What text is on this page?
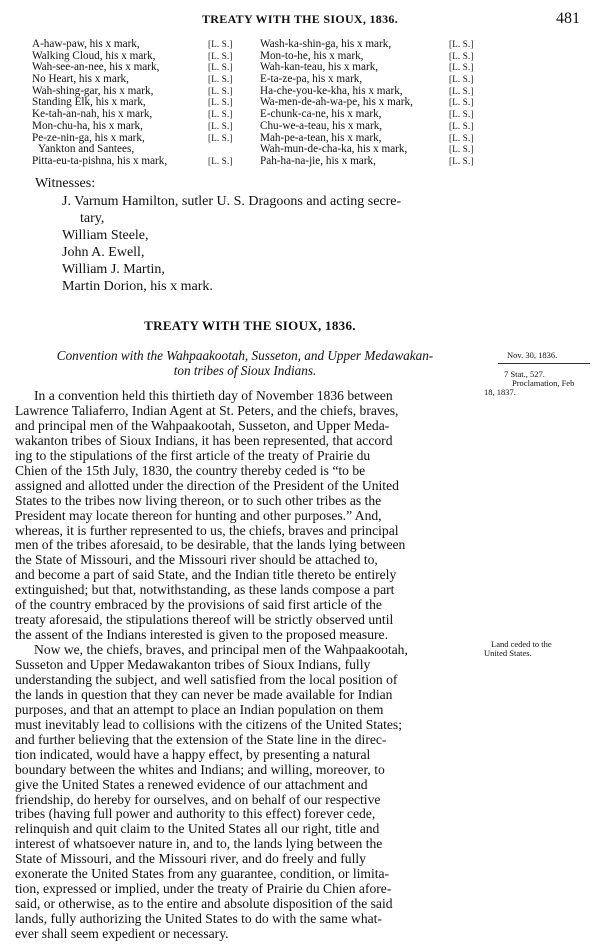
TREATY WITH THE SIOUX, 1836.	481
A-haw-paw, his x mark,	[L. S.]
Walking Cloud, his x mark,	[L. S.]
Wah-see-an-nee, his x mark,	[L. S.]
No Heart, his x mark,	[L. S.]
Wah-shing-gar, his x mark,	[L. S.]
Standing Elk, his x mark,	[L. S.]
Ke-tah-an-nah, his x mark,	[L. S.]
Mon-chu-ha, his x mark,	[L. S.]
Pe-ze-nin-ga, his x mark,	[L. S.]
Yankton and Santees,
Pitta-eu-ta-pishna, his x mark,	[L. S.]
Wash-ka-shin-ga, his x mark,	[L. S.]
Mon-to-he, his x mark,	[L. S.]
Wah-kan-teau, his x mark,	[L. S.]
E-ta-ze-pa, his x mark,	[L. S.]
Ha-che-you-ke-kha, his x mark,	[L. S.]
Wa-men-de-ah-wa-pe, his x mark,	[L. S.]
E-chunk-ca-ne, his x mark,	[L. S.]
Chu-we-a-teau, his x mark,	[L. S.]
Mah-pe-a-tean, his x mark,	[L. S.]
Wah-mun-de-cha-ka, his x mark,	[L. S.]
Pah-ha-na-jie, his x mark,	[L. S.]
Witnesses:
J. Varnum Hamilton, sutler U. S. Dragoons and acting secre-
tary,
William Steele,
John A. Ewell,
William J. Martin,
Martin Dorion, his x mark.
TREATY WITH THE SIOUX, 1836.
Convention with the Wahpaakootah, Susseton, and Upper Medawakan-
ton tribes of Sioux Indians.
Nov. 30, 1836.
7 Stat., 527.
Proclamation, Feb
18, 1837.
Land ceded to the
United States.
In a convention held this thirtieth day of November 1836 between
Lawrence Taliaferro, Indian Agent at St. Peters, and the chiefs, braves,
and principal men of the Wahpaakootah, Susseton, and Upper Meda-
wakanton tribes of Sioux Indians, it has been represented, that accord
ing to the stipulations of the first article of the treaty of Prairie du
Chien of the 15th July, 1830, the country thereby ceded is “to be
assigned and allotted under the direction of the President of the United
States to the tribes now living thereon, or to such other tribes as the
President may locate thereon for hunting and other purposes.” And,
whereas, it is further represented to us, the chiefs, braves and principal
men of the tribes aforesaid, to be desirable, that the lands lying between
the State of Missouri, and the Missouri river should be attached to,
and become a part of said State, and the Indian title thereto be entirely
extinguished; but that, notwithstanding, as these lands compose a part
of the country embraced by the provisions of said first article of the
treaty aforesaid, the stipulations thereof will be strictly observed until
the assent of the Indians interested is given to the proposed measure.
Now we, the chiefs, braves, and principal men of the Wahpaakootah,
Susseton and Upper Medawakanton tribes of Sioux Indians, fully
understanding the subject, and well satisfied from the local position of
the lands in question that they can never be made available for Indian
purposes, and that an attempt to place an Indian population on them
must inevitably lead to collisions with the citizens of the United States;
and further believing that the extension of the State line in the direc-
tion indicated, would have a happy effect, by presenting a natural
boundary between the whites and Indians; and willing, moreover, to
give the United States a renewed evidence of our attachment and
friendship, do hereby for ourselves, and on behalf of our respective
tribes (having full power and authority to this effect) forever cede,
relinquish and quit claim to the United States all our right, title and
interest of whatsoever nature in, and to, the lands lying between the
State of Missouri, and the Missouri river, and do freely and fully
exonerate the United States from any guarantee, condition, or limita-
tion, expressed or implied, under the treaty of Prairie du Chien afore-
said, or otherwise, as to the entire and absolute disposition of the said
lands, fully authorizing the United States to do with the same what-
ever shall seem expedient or necessary.
